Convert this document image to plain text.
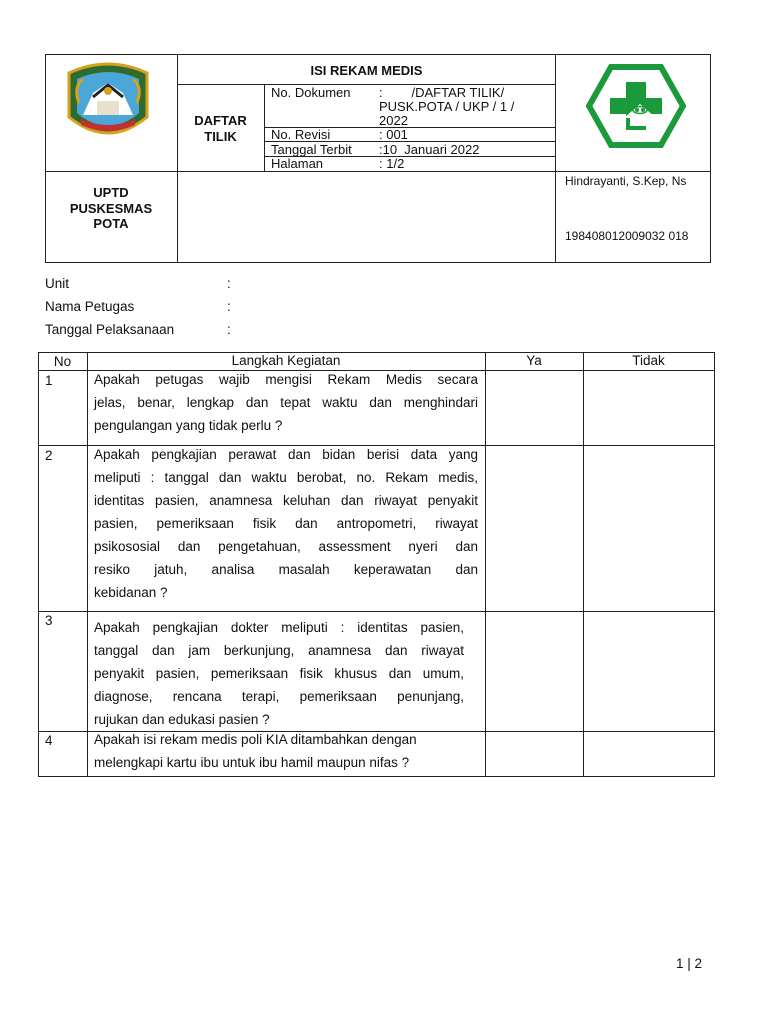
ISI REKAM MEDIS
DAFTAR
TILIK
No. Dokumen :        /DAFTAR TILIK/
PUSK.POTA / UKP / 1 /
2022
No. Revisi	: 001
Tanggal Terbit :10  Januari 2022
Halaman	: 1/2
UPTD
PUSKESMAS
POTA
Hindrayanti, S.Kep, Ns
198408012009032 018
Unit	:
Nama Petugas	:
Tanggal Pelaksanaan	:
No	Langkah Kegiatan	Ya	Tidak
1	Apakah petugas wajib mengisi Rekam Medis secara
jelas, benar, lengkap dan tepat waktu dan menghindari
pengulangan yang tidak perlu ?
2	Apakah pengkajian perawat dan bidan berisi data yang
meliputi : tanggal dan waktu berobat, no. Rekam medis,
identitas pasien, anamnesa keluhan dan riwayat penyakit
pasien, pemeriksaan fisik dan antropometri, riwayat
psikososial dan pengetahuan, assessment nyeri dan
resiko jatuh, analisa masalah keperawatan dan
kebidanan ?
3	Apakah pengkajian dokter meliputi : identitas pasien,
tanggal dan jam berkunjung, anamnesa dan riwayat
penyakit pasien, pemeriksaan fisik khusus dan umum,
diagnose, rencana terapi, pemeriksaan penunjang,
rujukan dan edukasi pasien ?
4	Apakah isi rekam medis poli KIA ditambahkan dengan
melengkapi kartu ibu untuk ibu hamil maupun nifas ?
1 | 2
